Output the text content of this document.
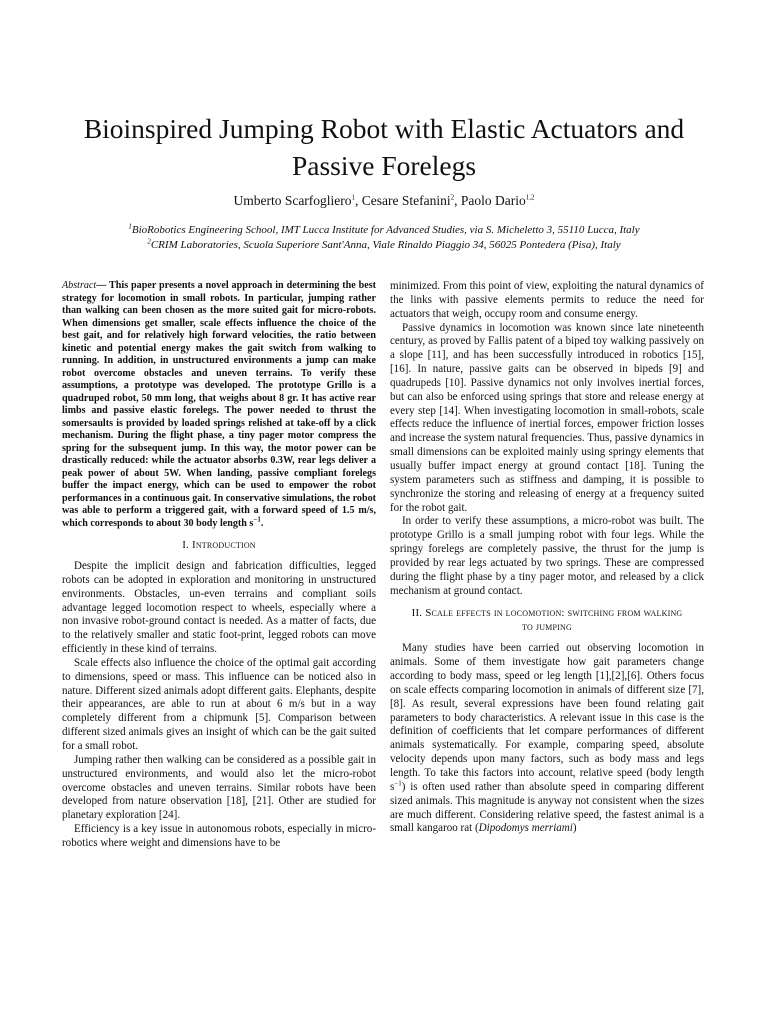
Bioinspired Jumping Robot with Elastic Actuators and Passive Forelegs
Umberto Scarfogliero$^1$, Cesare Stefanini$^2$, Paolo Dario$^{1,2}$
$^1$BioRobotics Engineering School, IMT Lucca Institute for Advanced Studies, via S. Micheletto 3, 55110 Lucca, Italy
$^2$CRIM Laboratories, Scuola Superiore Sant'Anna, Viale Rinaldo Piaggio 34, 56025 Pontedera (Pisa), Italy

Abstract— This paper presents a novel approach in determining the best strategy for locomotion in small robots. In particular, jumping rather than walking can been chosen as the more suited gait for micro-robots. When dimensions get smaller, scale effects influence the choice of the best gait, and for relatively high forward velocities, the ratio between kinetic and potential energy makes the gait switch from walking to running. In addition, in unstructured environments a jump can make robot overcome obstacles and uneven terrains. To verify these assumptions, a prototype was developed. The prototype Grillo is a quadruped robot, 50 mm long, that weighs about 8 gr. It has active rear limbs and passive elastic forelegs. The power needed to thrust the somersaults is provided by loaded springs relished at take-off by a click mechanism. During the flight phase, a tiny pager motor compress the spring for the subsequent jump. In this way, the motor power can be drastically reduced: while the actuator absorbs 0.3W, rear legs deliver a peak power of about 5W. When landing, passive compliant forelegs buffer the impact energy, which can be used to empower the robot performances in a continuous gait. In conservative simulations, the robot was able to perform a triggered gait, with a forward speed of 1.5 m/s, which corresponds to about 30 body length $s^{-1}$.

I. Introduction

Despite the implicit design and fabrication difficulties, legged robots can be adopted in exploration and monitoring in unstructured environments. Obstacles, un-even terrains and compliant soils advantage legged locomotion respect to wheels, especially where a non invasive robot-ground contact is needed. As a matter of facts, due to the relatively smaller and static foot-print, legged robots can move efficiently in these kind of terrains.

Scale effects also influence the choice of the optimal gait according to dimensions, speed or mass. This influence can be noticed also in nature. Different sized animals adopt different gaits. Elephants, despite their appearances, are able to run at about 6 m/s but in a way completely different from a chipmunk [5]. Comparison between different sized animals gives an insight of which can be the gait suited for a small robot.

Jumping rather then walking can be considered as a possible gait in unstructured environments, and would also let the micro-robot overcome obstacles and uneven terrains. Similar robots have been developed from nature observation [18], [21]. Other are studied for planetary exploration [24].

Efficiency is a key issue in autonomous robots, especially in micro-robotics where weight and dimensions have to be

minimized. From this point of view, exploiting the natural dynamics of the links with passive elements permits to reduce the need for actuators that weigh, occupy room and consume energy.

Passive dynamics in locomotion was known since late nineteenth century, as proved by Fallis patent of a biped toy walking passively on a slope [11], and has been successfully introduced in robotics [15],[16]. In nature, passive gaits can be observed in bipeds [9] and quadrupeds [10]. Passive dynamics not only involves inertial forces, but can also be enforced using springs that store and release energy at every step [14]. When investigating locomotion in small-robots, scale effects reduce the influence of inertial forces, empower friction losses and increase the system natural frequencies. Thus, passive dynamics in small dimensions can be exploited mainly using springy elements that usually buffer impact energy at ground contact [18]. Tuning the system parameters such as stiffness and damping, it is possible to synchronize the storing and releasing of energy at a frequency suited for the robot gait.

In order to verify these assumptions, a micro-robot was built. The prototype Grillo is a small jumping robot with four legs. While the springy forelegs are completely passive, the thrust for the jump is provided by rear legs actuated by two springs. These are compressed during the flight phase by a tiny pager motor, and released by a click mechanism at ground contact.

II. Scale effects in locomotion: switching from walking to jumping

Many studies have been carried out observing locomotion in animals. Some of them investigate how gait parameters change according to body mass, speed or leg length [1],[2],[6]. Others focus on scale effects comparing locomotion in animals of different size [7],[8]. As result, several expressions have been found relating gait parameters to body characteristics. A relevant issue in this case is the definition of coefficients that let compare performances of different animals systematically. For example, comparing speed, absolute velocity depends upon many factors, such as body mass and legs length. To take this factors into account, relative speed (body length $s^{-1}$) is often used rather than absolute speed in comparing different sized animals. This magnitude is anyway not consistent when the sizes are much different. Considering relative speed, the fastest animal is a small kangaroo rat (Dipodomys merriami)
